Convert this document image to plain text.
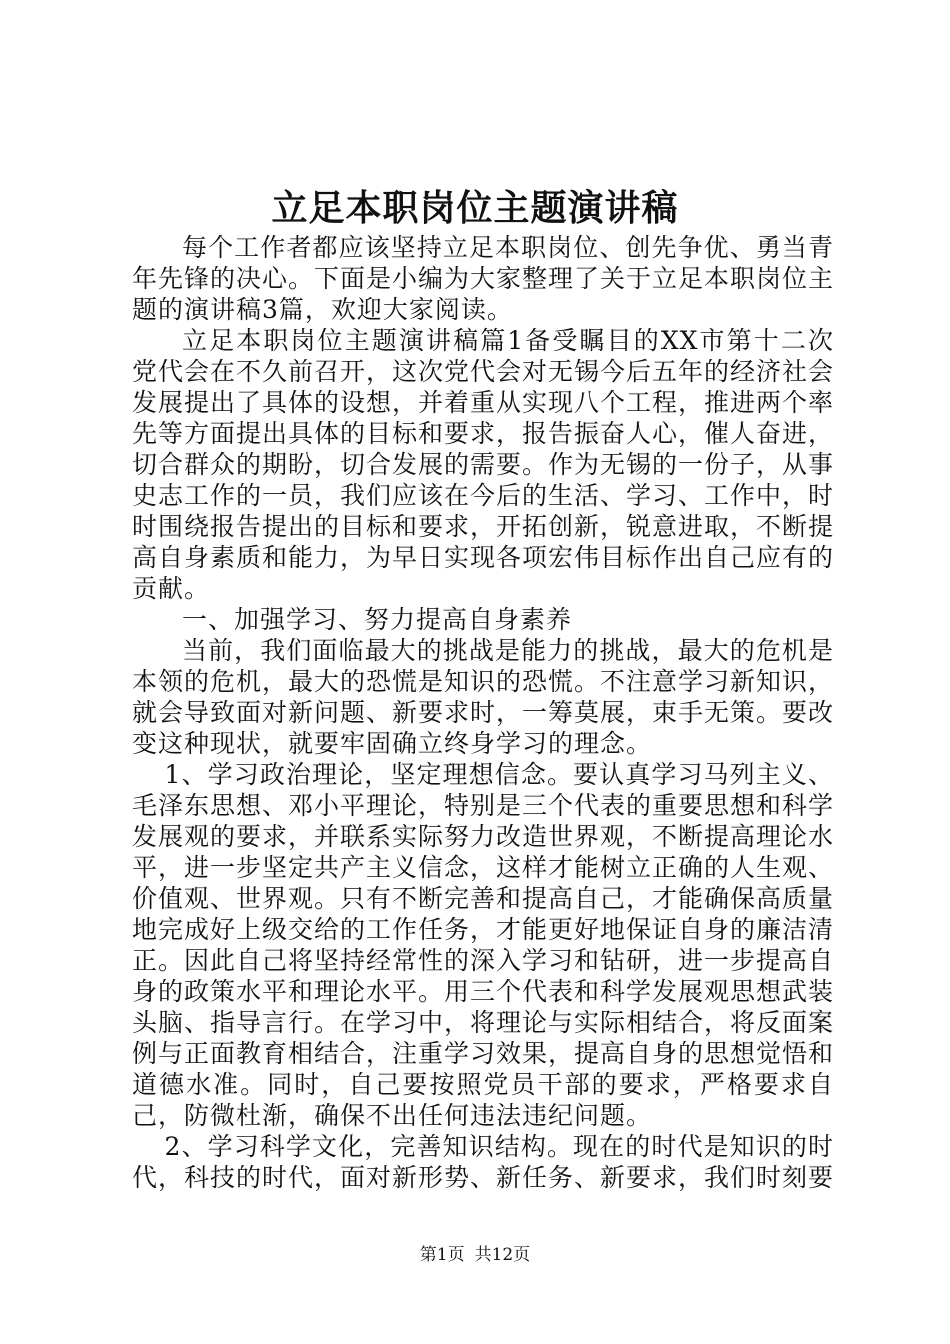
立足本职岗位主题演讲稿

每个工作者都应该坚持立足本职岗位、创先争优、勇当青年先锋的决心。下面是小编为大家整理了关于立足本职岗位主题的演讲稿3篇，欢迎大家阅读。

立足本职岗位主题演讲稿篇1备受瞩目的XX市第十二次党代会在不久前召开，这次党代会对无锡今后五年的经济社会发展提出了具体的设想，并着重从实现八个工程，推进两个率先等方面提出具体的目标和要求，报告振奋人心，催人奋进，切合群众的期盼，切合发展的需要。作为无锡的一份子，从事史志工作的一员，我们应该在今后的生活、学习、工作中，时时围绕报告提出的目标和要求，开拓创新，锐意进取，不断提高自身素质和能力，为早日实现各项宏伟目标作出自己应有的贡献。

一、加强学习、努力提高自身素养

当前，我们面临最大的挑战是能力的挑战，最大的危机是本领的危机，最大的恐慌是知识的恐慌。不注意学习新知识，就会导致面对新问题、新要求时，一筹莫展，束手无策。要改变这种现状，就要牢固确立终身学习的理念。

1、学习政治理论，坚定理想信念。要认真学习马列主义、毛泽东思想、邓小平理论，特别是三个代表的重要思想和科学发展观的要求，并联系实际努力改造世界观，不断提高理论水平，进一步坚定共产主义信念，这样才能树立正确的人生观、价值观、世界观。只有不断完善和提高自己，才能确保高质量地完成好上级交给的工作任务，才能更好地保证自身的廉洁清正。因此自己将坚持经常性的深入学习和钻研，进一步提高自身的政策水平和理论水平。用三个代表和科学发展观思想武装头脑、指导言行。在学习中，将理论与实际相结合，将反面案例与正面教育相结合，注重学习效果，提高自身的思想觉悟和道德水准。同时，自己要按照党员干部的要求，严格要求自己，防微杜渐，确保不出任何违法违纪问题。

2、学习科学文化，完善知识结构。现在的时代是知识的时代，科技的时代，面对新形势、新任务、新要求，我们时刻要

第1页 共12页
